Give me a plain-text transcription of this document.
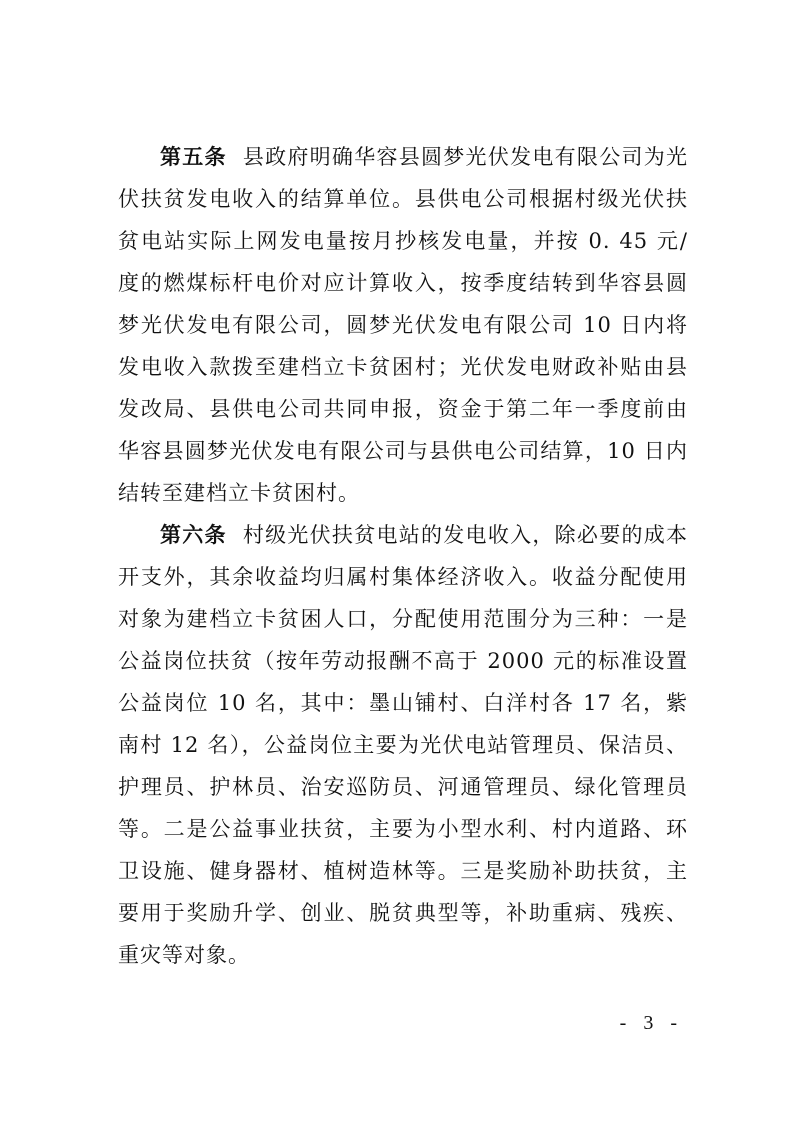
第五条 县政府明确华容县圆梦光伏发电有限公司为光伏扶贫发电收入的结算单位。县供电公司根据村级光伏扶贫电站实际上网发电量按月抄核发电量，并按 0. 45 元/ 度的燃煤标杆电价对应计算收入，按季度结转到华容县圆梦光伏发电有限公司，圆梦光伏发电有限公司 10 日内将发电收入款拨至建档立卡贫困村；光伏发电财政补贴由县发改局、县供电公司共同申报，资金于第二年一季度前由华容县圆梦光伏发电有限公司与县供电公司结算，10 日内结转至建档立卡贫困村。

第六条 村级光伏扶贫电站的发电收入，除必要的成本开支外，其余收益均归属村集体经济收入。收益分配使用对象为建档立卡贫困人口，分配使用范围分为三种：一是公益岗位扶贫（按年劳动报酬不高于 2000 元的标准设置公益岗位 10 名，其中：墨山铺村、白洋村各 17 名，紫南村 12 名），公益岗位主要为光伏电站管理员、保洁员、护理员、护林员、治安巡防员、河通管理员、绿化管理员等。二是公益事业扶贫，主要为小型水利、村内道路、环卫设施、健身器材、植树造林等。三是奖励补助扶贫，主要用于奖励升学、创业、脱贫典型等，补助重病、残疾、重灾等对象。

- 3 -
